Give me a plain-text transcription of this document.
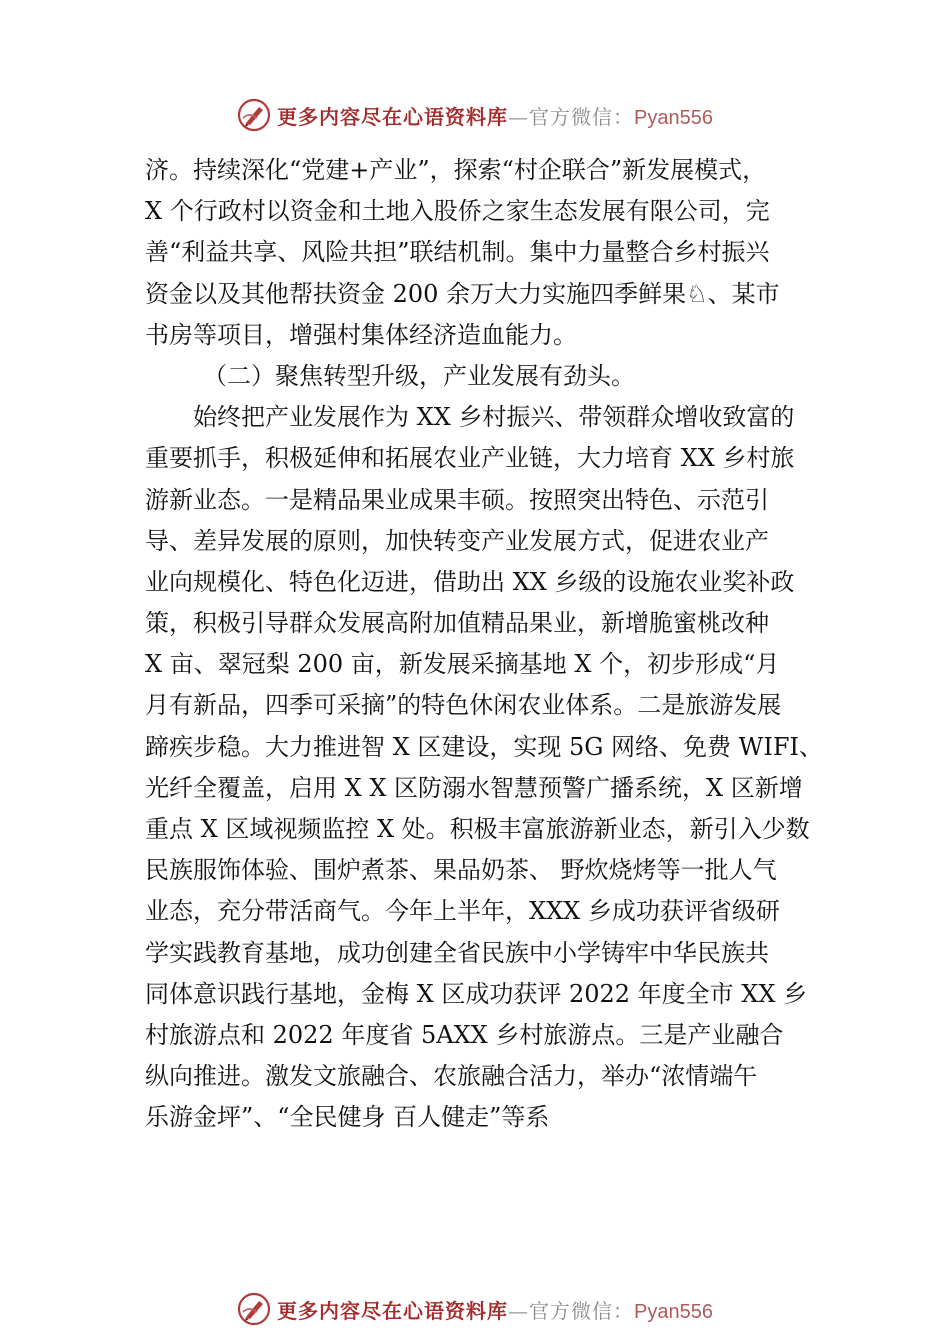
更多内容尽在心语资料库—官方微信：Pyan556
济。持续深化“党建+产业”，探索“村企联合”新发展模式，
X 个行政村以资金和土地入股侨之家生态发展有限公司，完
善“利益共享、风险共担”联结机制。集中力量整合乡村振兴
资金以及其他帮扶资金 200 余万大力实施四季鲜果♘、某市
书房等项目，增强村集体经济造血能力。
（二）聚焦转型升级，产业发展有劲头。
始终把产业发展作为 XX 乡村振兴、带领群众增收致富的
重要抓手，积极延伸和拓展农业产业链，大力培育 XX 乡村旅
游新业态。一是精品果业成果丰硕。按照突出特色、示范引
导、差异发展的原则，加快转变产业发展方式，促进农业产
业向规模化、特色化迈进，借助出 XX 乡级的设施农业奖补政
策，积极引导群众发展高附加值精品果业，新增脆蜜桃改种
X 亩、翠冠梨 200 亩，新发展采摘基地 X 个，初步形成“月
月有新品，四季可采摘”的特色休闲农业体系。二是旅游发展
蹄疾步稳。大力推进智 X 区建设，实现 5G 网络、免费 WIFI、
光纤全覆盖，启用 X X 区防溺水智慧预警广播系统，X 区新增
重点 X 区域视频监控 X 处。积极丰富旅游新业态，新引入少数
民族服饰体验、围炉煮茶、果品奶茶、 野炊烧烤等一批人气
业态，充分带活商气。今年上半年，XXX 乡成功获评省级研
学实践教育基地，成功创建全省民族中小学铸牢中华民族共
同体意识践行基地，金梅 X 区成功获评 2022 年度全市 XX 乡
村旅游点和 2022 年度省 5AXX 乡村旅游点。三是产业融合
纵向推进。激发文旅融合、农旅融合活力，举办“浓情端午
乐游金坪”、“全民健身 百人健走”等系
更多内容尽在心语资料库—官方微信：Pyan556
